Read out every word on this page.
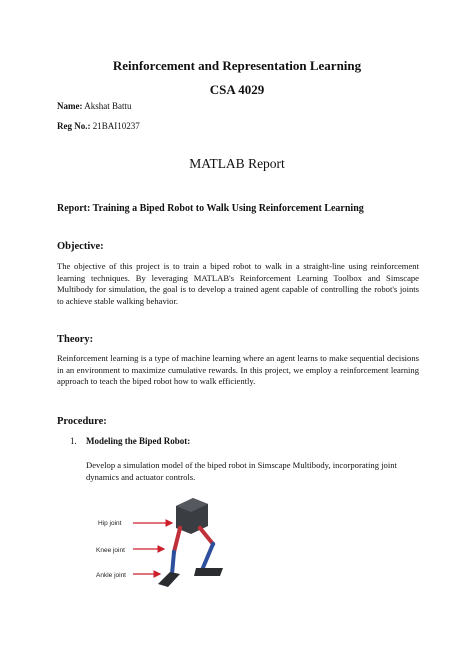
Reinforcement and Representation Learning
CSA 4029
Name: Akshat Battu
Reg No.: 21BAI10237
MATLAB Report
Report: Training a Biped Robot to Walk Using Reinforcement Learning
Objective:
The objective of this project is to train a biped robot to walk in a straight-line using reinforcement learning techniques. By leveraging MATLAB's Reinforcement Learning Toolbox and Simscape Multibody for simulation, the goal is to develop a trained agent capable of controlling the robot's joints to achieve stable walking behavior.
Theory:
Reinforcement learning is a type of machine learning where an agent learns to make sequential decisions in an environment to maximize cumulative rewards. In this project, we employ a reinforcement learning approach to teach the biped robot how to walk efficiently.
Procedure:
1. Modeling the Biped Robot:
Develop a simulation model of the biped robot in Simscape Multibody, incorporating joint dynamics and actuator controls.
Hip joint
Knee joint
Ankle joint
